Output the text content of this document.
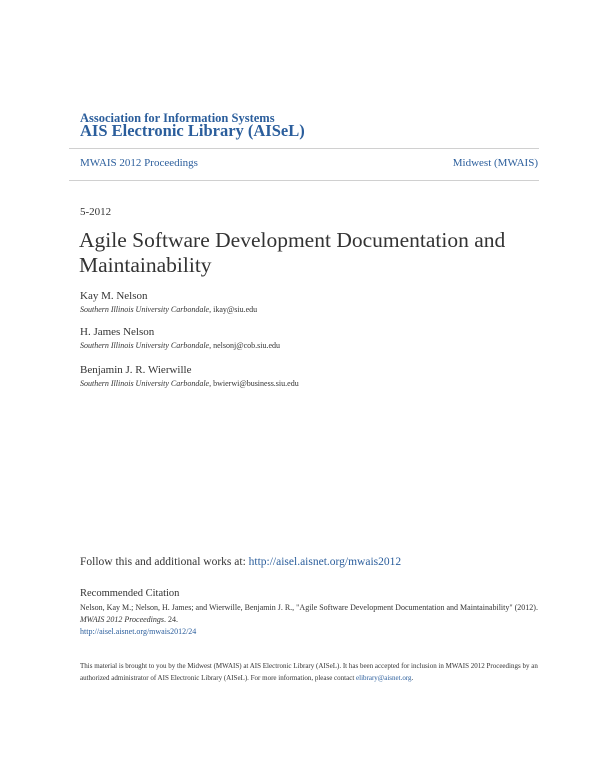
Association for Information Systems
AIS Electronic Library (AISeL)
MWAIS 2012 Proceedings	Midwest (MWAIS)
5-2012
Agile Software Development Documentation and Maintainability
Kay M. Nelson
Southern Illinois University Carbondale, ikay@siu.edu
H. James Nelson
Southern Illinois University Carbondale, nelsonj@cob.siu.edu
Benjamin J. R. Wierwille
Southern Illinois University Carbondale, bwierwi@business.siu.edu
Follow this and additional works at: http://aisel.aisnet.org/mwais2012
Recommended Citation
Nelson, Kay M.; Nelson, H. James; and Wierwille, Benjamin J. R., "Agile Software Development Documentation and Maintainability" (2012). MWAIS 2012 Proceedings. 24.
http://aisel.aisnet.org/mwais2012/24
This material is brought to you by the Midwest (MWAIS) at AIS Electronic Library (AISeL). It has been accepted for inclusion in MWAIS 2012 Proceedings by an authorized administrator of AIS Electronic Library (AISeL). For more information, please contact elibrary@aisnet.org.
